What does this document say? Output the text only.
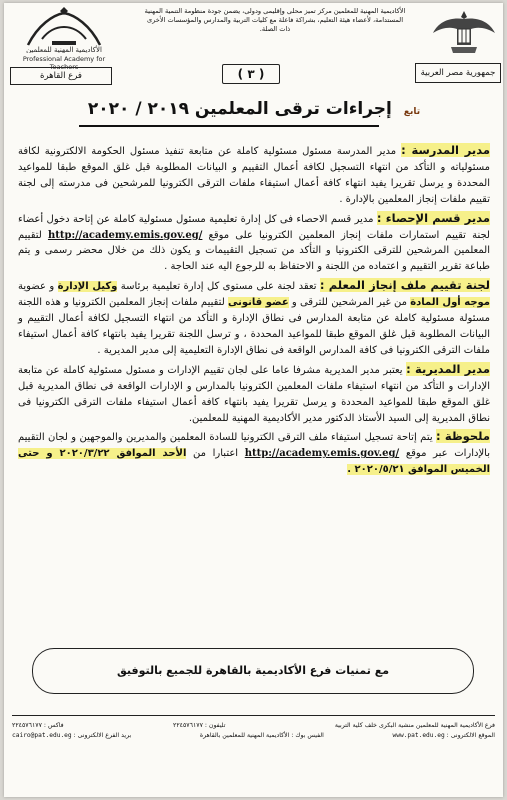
جمهورية مصر العربية

الأكاديمية المهنية للمعلمين مركز تميز محلى وإقليمى ودولى، يضمن جودة منظومة التنمية المهنية المستدامة، لأعضاء هيئة التعليم، بشراكة فاعلة مع كليات التربية والمدارس والمؤسسات الأخرى ذات الصلة.

( ٣ )
الأكاديمية المهنية للمعلمين
Professional Academy for Teachers
فرع القاهرة
تابع إجراءات ترقى المعلمين ٢٠١٩ / ٢٠٢٠

مدير المدرسة : مدير المدرسة مسئول مسئولية كاملة عن متابعة تنفيذ مسئول الحكومة الالكترونية لكافة مسئولياته و التأكد من انتهاء التسجيل لكافة أعمال التقييم و البيانات المطلوبة قبل غلق الموقع طبقا للمواعيد المحددة و يرسل تقريرا يفيد انتهاء كافة أعمال استيفاء ملفات الترقى الكترونيا للمرشحين فى مدرسته إلى لجنة تقييم ملفات إنجاز المعلمين بالإدارة .

مدير قسم الإحصاء : مدير قسم الاحصاء فى كل إدارة تعليمية مسئول مسئولية كاملة عن إتاحة دخول أعضاء لجنة تقييم استمارات ملفات إنجاز المعلمين الكترونيا على موقع http://academy.emis.gov.eg/ لتقييم المعلمين المرشحين للترقى الكترونيا و التأكد من تسجيل التقييمات و يكون ذلك من خلال محضر رسمى و يتم طباعة تقرير التقييم و اعتماده من اللجنة و الاحتفاظ به للرجوع اليه عند الحاجة .

لجنة تقييم ملف إنجاز المعلم : تعقد لجنة على مستوى كل إدارة تعليمية برئاسة وكيل الإدارة و عضوية موجه أول المادة من غير المرشحين للترقى و عضو قانونى لتقييم ملفات إنجاز المعلمين الكترونيا و هذه اللجنة مسئولة مسئولية كاملة عن متابعة المدارس فى نطاق الإدارة و التأكد من انتهاء التسجيل لكافة أعمال التقييم و البيانات المطلوبة قبل غلق الموقع طبقا للمواعيد المحددة ، و ترسل اللجنة تقريرا يفيد بانتهاء كافة أعمال استيفاء ملفات الترقى الكترونيا فى كافة المدارس الواقعة فى نطاق الإدارة التعليمية إلى مدير المديرية .

مدير المديرية : يعتبر مدير المديرية مشرفا عاما على لجان تقييم الإدارات و مسئول مسئولية كاملة عن متابعة الإدارات و التأكد من انتهاء استيفاء ملفات المعلمين الكترونيا بالمدارس و الإدارات الواقعة فى نطاق المديرية قبل غلق الموقع طبقا للمواعيد المحددة و يرسل تقريرا يفيد بانتهاء كافة أعمال استيفاء ملفات الترقى الكترونيا فى نطاق المديرية إلى السيد الأستاذ الدكتور مدير الأكاديمية المهنية للمعلمين.

ملحوظة : يتم إتاحة تسجيل استيفاء ملف الترقى الكترونيا للسادة المعلمين والمديرين والموجهين و لجان التقييم بالإدارات عبر موقع http://academy.emis.gov.eg/ اعتبارا من الأحد الموافق ٢٠٢٠/٣/٢٢ و حتى الخميس الموافق ٢٠٢٠/٥/٢١ .

مع تمنيات فرع الأكاديمية بالقاهرة للجميع بالتوفيق
فرع الأكاديمية المهنية للمعلمين منشية البكرى خلف كلية التربية
تليفون : ٢٢٤٥٧٦١٧٧
فاكس : ٢٢٤٥٧٦١٧٧
الموقع الالكترونى : www.pat.edu.eg
الفيس بوك : الأكاديمية المهنية للمعلمين بالقاهرة
بريد الفرع الالكترونى : cairo@pat.edu.eg
